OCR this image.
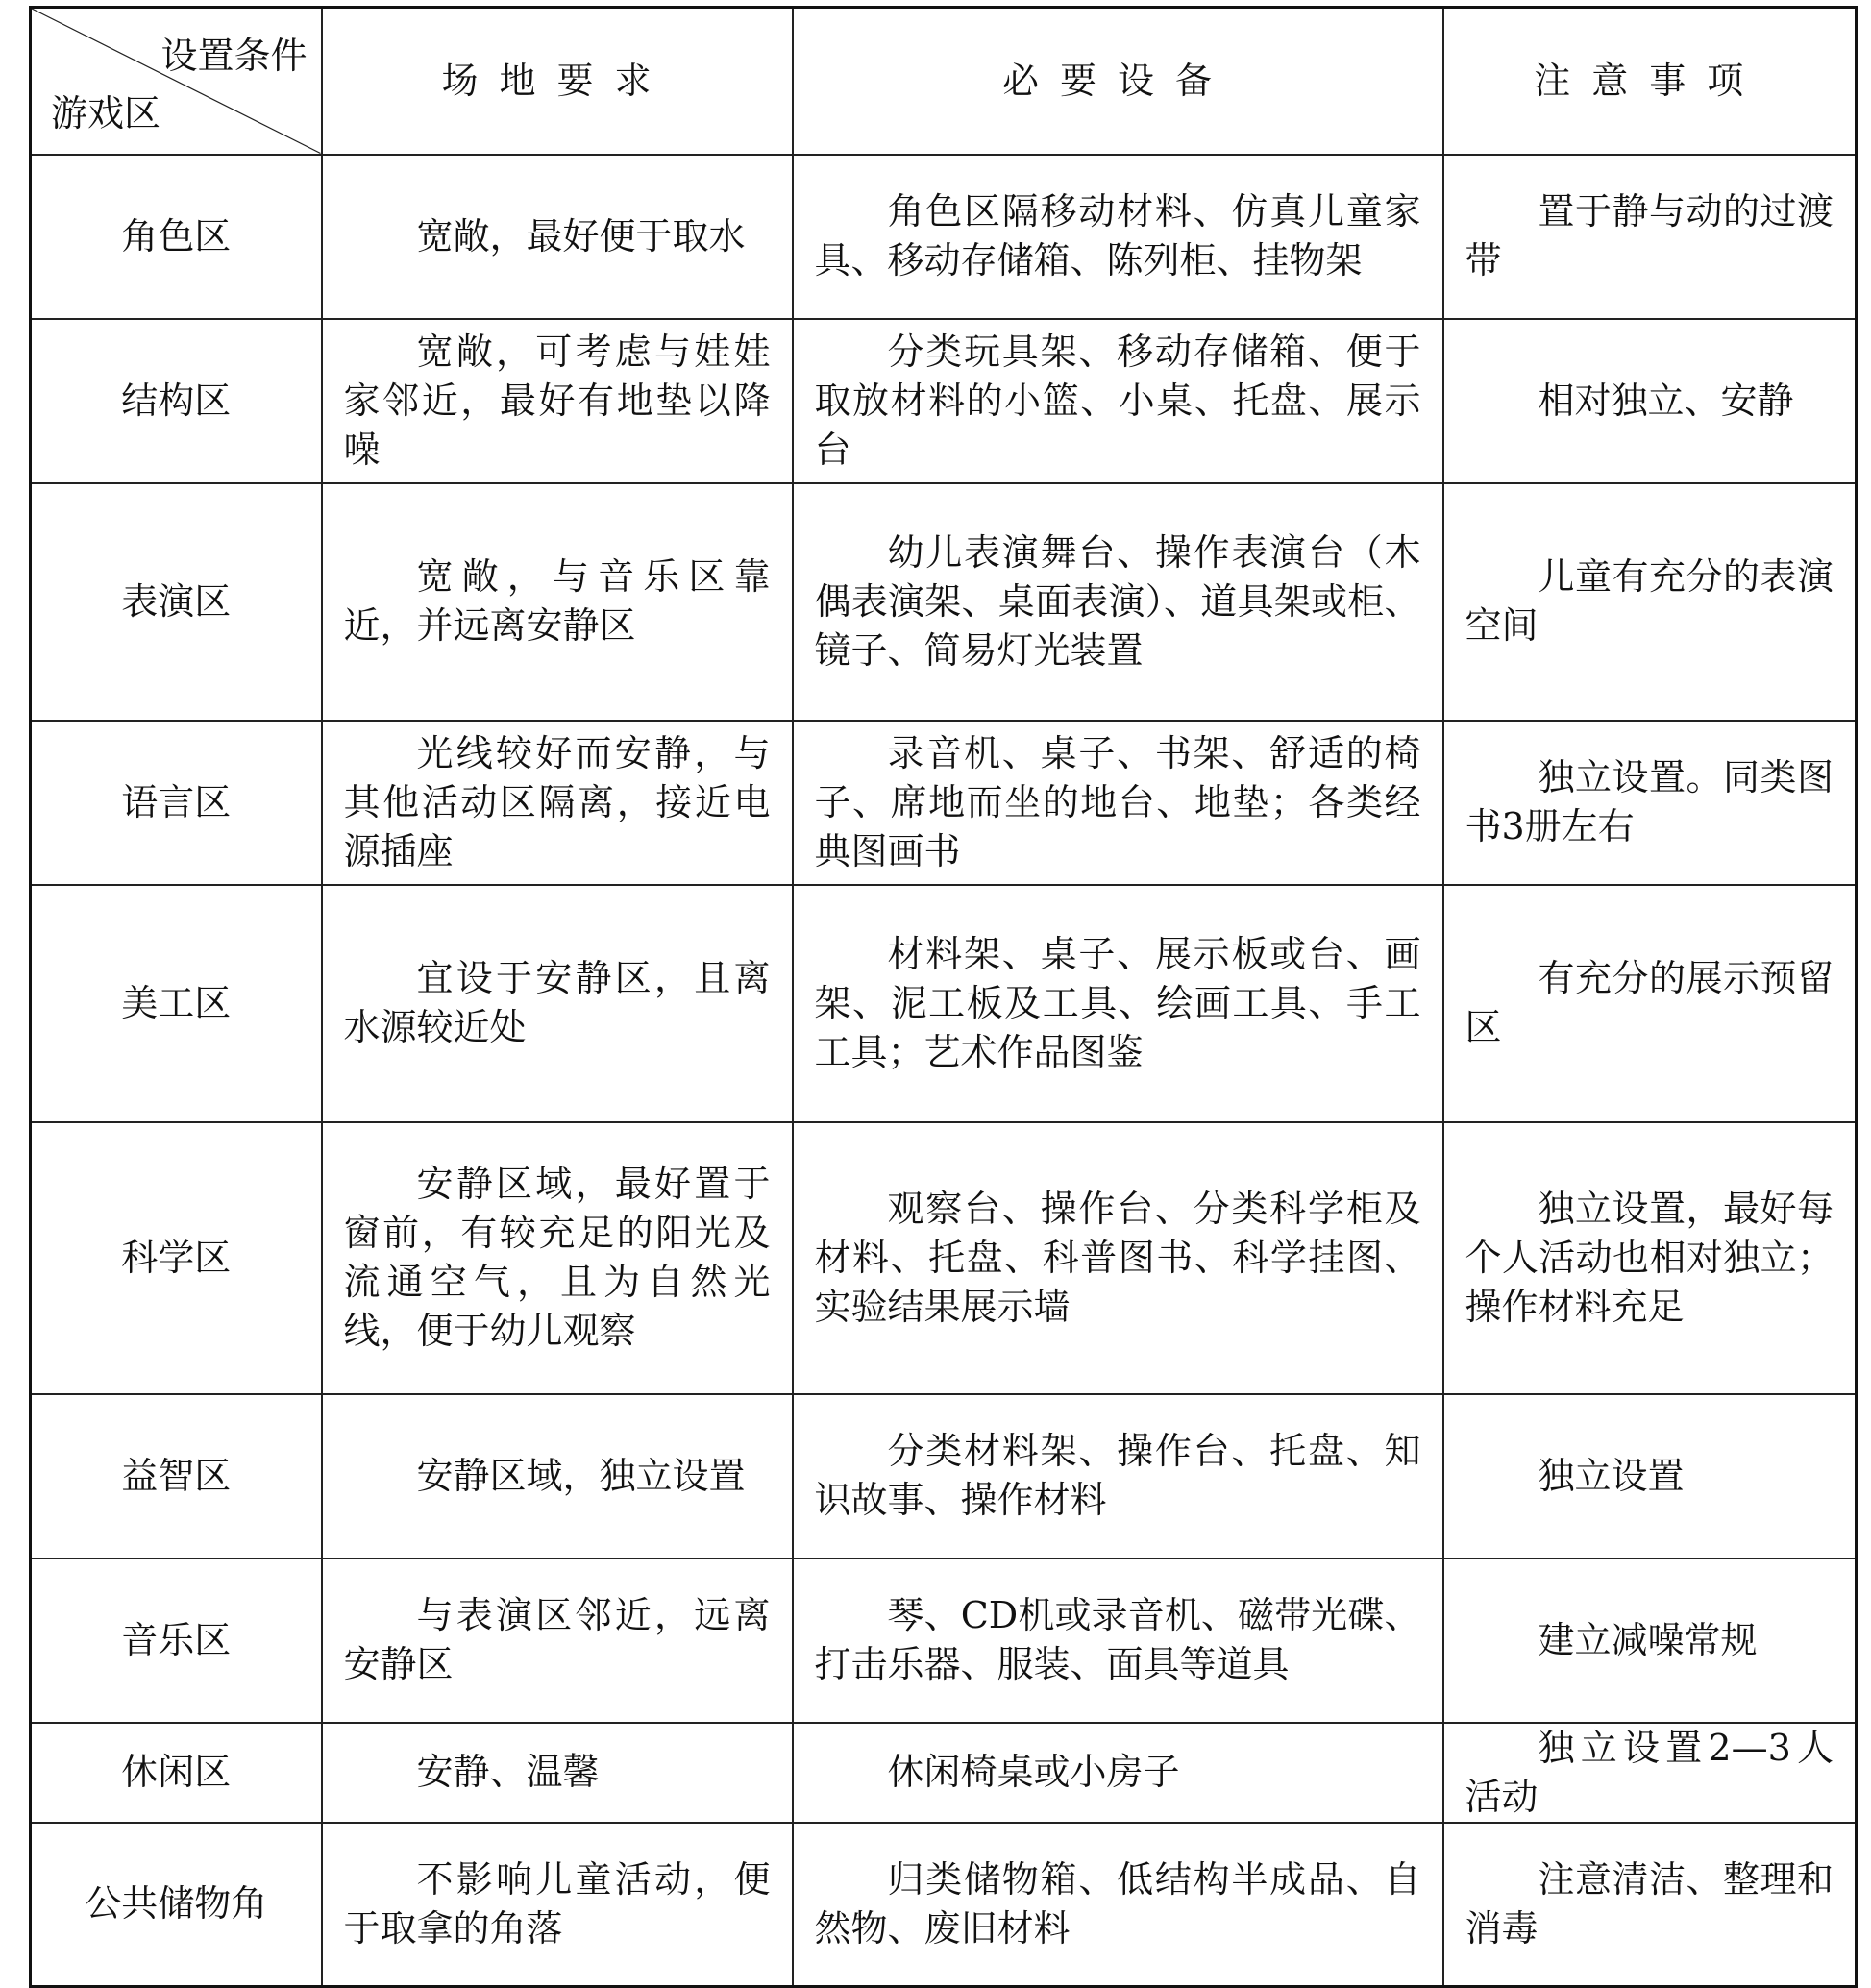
设置条件
游戏区	场地要求	必要设备	注意事项
角色区	宽敞，最好便于取水	角色区隔移动材料、仿真儿童家具、移动存储箱、陈列柜、挂物架	置于静与动的过渡带
结构区	宽敞，可考虑与娃娃家邻近，最好有地垫以降噪	分类玩具架、移动存储箱、便于取放材料的小篮、小桌、托盘、展示台	相对独立、安静
表演区	宽敞，与音乐区靠近，并远离安静区	幼儿表演舞台、操作表演台（木偶表演架、桌面表演）、道具架或柜、镜子、简易灯光装置	儿童有充分的表演空间
语言区	光线较好而安静，与其他活动区隔离，接近电源插座	录音机、桌子、书架、舒适的椅子、席地而坐的地台、地垫；各类经典图画书	独立设置。同类图书3册左右
美工区	宜设于安静区，且离水源较近处	材料架、桌子、展示板或台、画架、泥工板及工具、绘画工具、手工工具；艺术作品图鉴	有充分的展示预留区
科学区	安静区域，最好置于窗前，有较充足的阳光及流通空气，且为自然光线，便于幼儿观察	观察台、操作台、分类科学柜及材料、托盘、科普图书、科学挂图、实验结果展示墙	独立设置，最好每个人活动也相对独立；操作材料充足
益智区	安静区域，独立设置	分类材料架、操作台、托盘、知识故事、操作材料	独立设置
音乐区	与表演区邻近，远离安静区	琴、CD机或录音机、磁带光碟、打击乐器、服装、面具等道具	建立减噪常规
休闲区	安静、温馨	休闲椅桌或小房子	独立设置2—3人活动
公共储物角	不影响儿童活动，便于取拿的角落	归类储物箱、低结构半成品、自然物、废旧材料	注意清洁、整理和消毒
